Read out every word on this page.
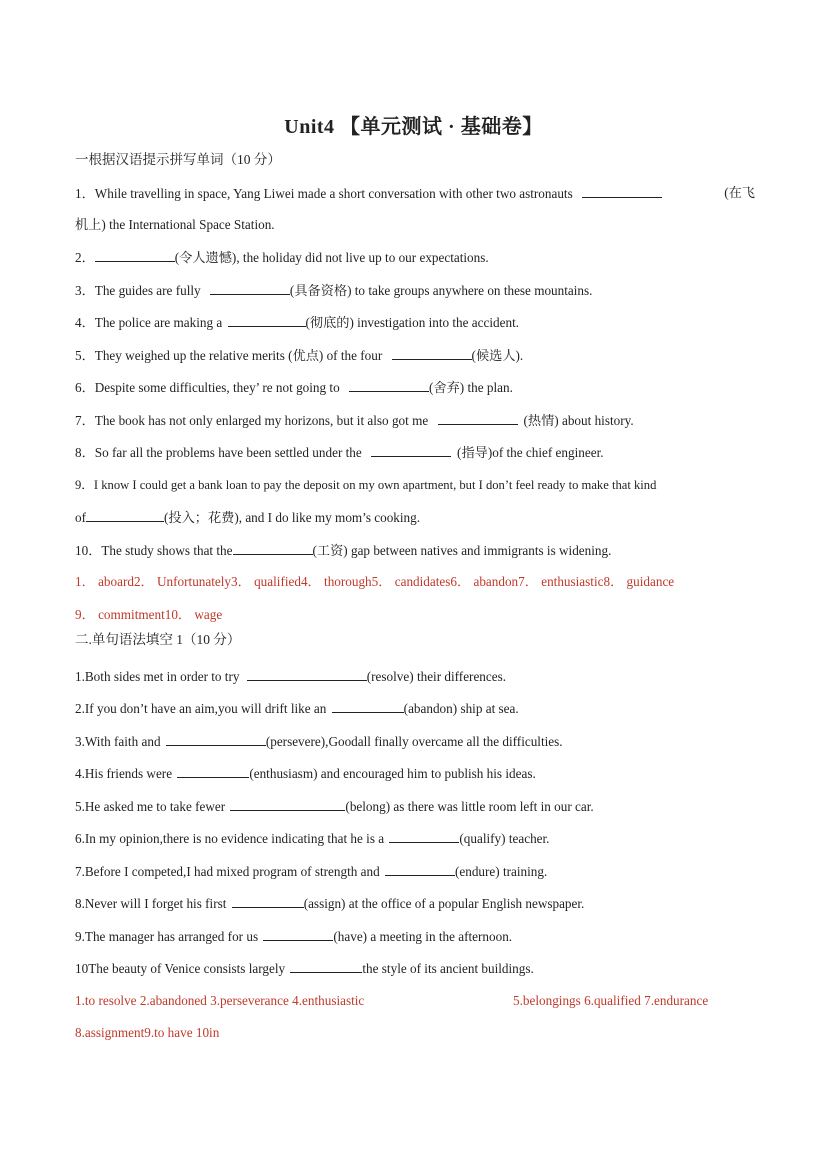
Unit4 【单元测试 · 基础卷】
一根据汉语提示拼写单词（10 分）
1．While travelling in space, Yang Liwei made a short conversation with other two astronauts	(在飞
机上) the International Space Station.
2．	(令人遗憾), the holiday did not live up to our expectations.
3．The guides are fully	(具备资格) to take groups anywhere on these mountains.
4．The police are making a	(彻底的) investigation into the accident.
5．They weighed up the relative merits (优点) of the four	(候选人).
6．Despite some difficulties, they’ re not going to	(舍弃) the plan.
7．The book has not only enlarged my horizons, but it also got me	(热情) about history.
8．So far all the problems have been settled under the	(指导)of the chief engineer.
9．I know I could get a bank loan to pay the deposit on my own apartment, but I don’t feel ready to make that kind
of	(投入；花费), and I do like my mom’s cooking.
10．The study shows that the	(工资) gap between natives and immigrants is widening.
1． aboard2． Unfortunately3． qualified4． thorough5． candidates6． abandon7． enthusiastic8． guidance
9． commitment10． wage
二.单句语法填空 1（10 分）
1.Both sides met in order to try	(resolve) their differences.
2.If you don’t have an aim,you will drift like an	(abandon) ship at sea.
3.With faith and	(persevere),Goodall finally overcame all the difficulties.
4.His friends were	(enthusiasm) and encouraged him to publish his ideas.
5.He asked me to take fewer	(belong) as there was little room left in our car.
6.In my opinion,there is no evidence indicating that he is a	(qualify) teacher.
7.Before I competed,I had mixed program of strength and	(endure) training.
8.Never will I forget his first	(assign) at the office of a popular English newspaper.
9.The manager has arranged for us	(have) a meeting in the afternoon.
10The beauty of Venice consists largely	the style of its ancient buildings.
1.to resolve 2.abandoned 3.perseverance 4.enthusiastic	5.belongings 6.qualified 7.endurance
8.assignment9.to have 10in
